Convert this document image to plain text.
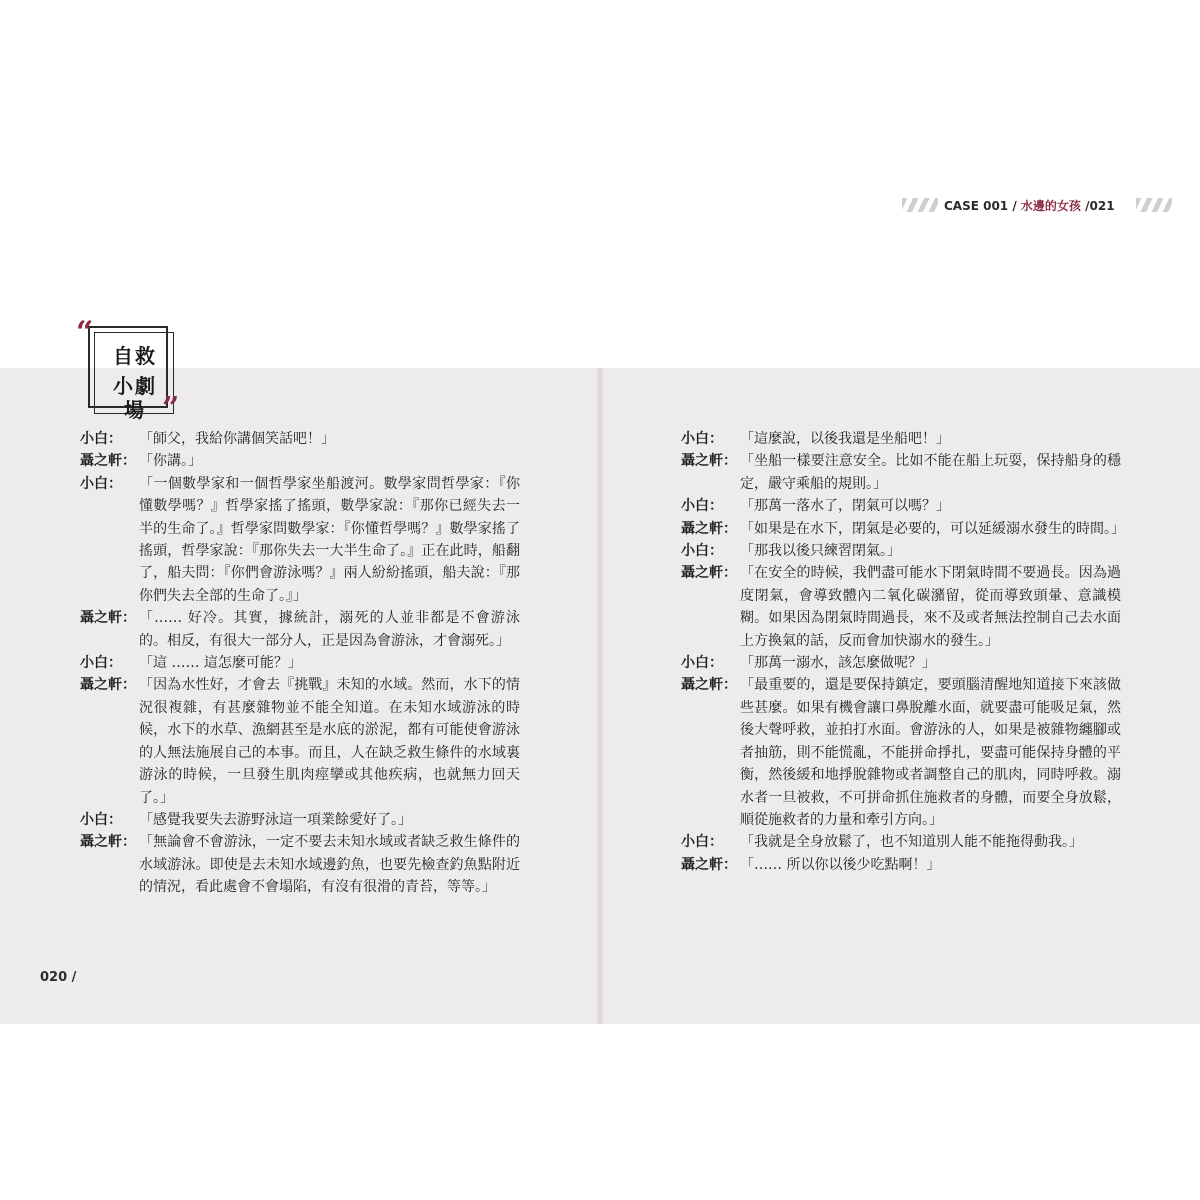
CASE 001 / 水邊的女孩 /021
“
”
自救
小劇場
小白：	「師父，我給你講個笑話吧！」
聶之軒： 「你講。」
小白：	「一個數學家和一個哲學家坐船渡河。數學家問哲學家：『你懂數學嗎？』哲學家搖了搖頭，數學家說：『那你已經失去一半的生命了。』哲學家問數學家：『你懂哲學嗎？』數學家搖了搖頭，哲學家說：『那你失去一大半生命了。』正在此時，船翻了，船夫問：『你們會游泳嗎？』兩人紛紛搖頭，船夫說：『那你們失去全部的生命了。』」
聶之軒： 「…… 好冷。其實，據統計，溺死的人並非都是不會游泳的。相反，有很大一部分人，正是因為會游泳，才會溺死。」
小白：	「這 …… 這怎麼可能？」
聶之軒： 「因為水性好，才會去『挑戰』未知的水域。然而，水下的情況很複雜，有甚麼雜物並不能全知道。在未知水域游泳的時候，水下的水草、漁網甚至是水底的淤泥，都有可能使會游泳的人無法施展自己的本事。而且，人在缺乏救生條件的水域裏游泳的時候，一旦發生肌肉痙攣或其他疾病，也就無力回天了。」
小白：	「感覺我要失去游野泳這一項業餘愛好了。」
聶之軒： 「無論會不會游泳，一定不要去未知水域或者缺乏救生條件的水域游泳。即使是去未知水域邊釣魚，也要先檢查釣魚點附近的情況，看此處會不會塌陷，有沒有很滑的青苔，等等。」
小白：	「這麼說，以後我還是坐船吧！」
聶之軒： 「坐船一樣要注意安全。比如不能在船上玩耍，保持船身的穩定，嚴守乘船的規則。」
小白：	「那萬一落水了，閉氣可以嗎？」
聶之軒： 「如果是在水下，閉氣是必要的，可以延緩溺水發生的時間。」
小白：	「那我以後只練習閉氣。」
聶之軒： 「在安全的時候，我們盡可能水下閉氣時間不要過長。因為過度閉氣，會導致體內二氧化碳瀦留，從而導致頭暈、意識模糊。如果因為閉氣時間過長，來不及或者無法控制自己去水面上方換氣的話，反而會加快溺水的發生。」
小白：	「那萬一溺水，該怎麼做呢？」
聶之軒： 「最重要的，還是要保持鎮定，要頭腦清醒地知道接下來該做些甚麼。如果有機會讓口鼻脫離水面，就要盡可能吸足氣，然後大聲呼救，並拍打水面。會游泳的人，如果是被雜物纏腳或者抽筋，則不能慌亂，不能拼命掙扎，要盡可能保持身體的平衡，然後緩和地掙脫雜物或者調整自己的肌肉，同時呼救。溺水者一旦被救，不可拼命抓住施救者的身體，而要全身放鬆，順從施救者的力量和牽引方向。」
小白：	「我就是全身放鬆了，也不知道別人能不能拖得動我。」
聶之軒： 「…… 所以你以後少吃點啊！」
020 /
